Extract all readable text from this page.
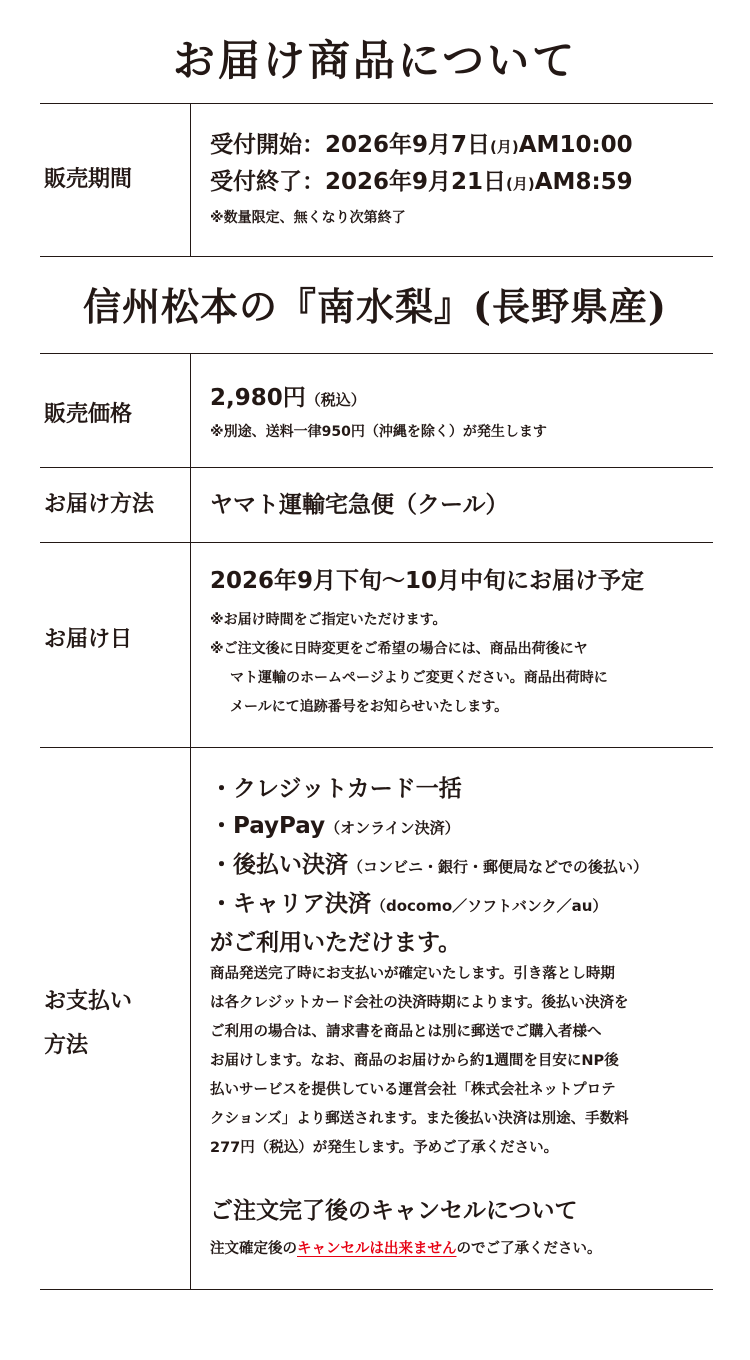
お届け商品について
販売期間
受付開始：2026年9月7日(月)AM10:00
受付終了：2026年9月21日(月)AM8:59
※数量限定、無くなり次第終了
信州松本の『南水梨』(長野県産)
販売価格
2,980円（税込）
※別途、送料一律950円（沖縄を除く）が発生します
お届け方法 ヤマト運輸宅急便（クール）
お届け日
2026年9月下旬〜10月中旬にお届け予定
※お届け時間をご指定いただけます。
※ご注文後に日時変更をご希望の場合には、商品出荷後にヤ
マト運輸のホームページよりご変更ください。商品出荷時に
メールにて追跡番号をお知らせいたします。
お支払い
方法
・クレジットカード一括
・PayPay（オンライン決済）
・後払い決済（コンビニ・銀行・郵便局などでの後払い）
・キャリア決済（docomo／ソフトバンク／au）
がご利用いただけます。
商品発送完了時にお支払いが確定いたします。引き落とし時期
は各クレジットカード会社の決済時期によります。後払い決済を
ご利用の場合は、請求書を商品とは別に郵送でご購入者様へ
お届けします。なお、商品のお届けから約1週間を目安にNP後
払いサービスを提供している運営会社「株式会社ネットプロテ
クションズ」より郵送されます。また後払い決済は別途、手数料
277円（税込）が発生します。予めご了承ください。
ご注文完了後のキャンセルについて
注文確定後のキャンセルは出来ませんのでご了承ください。
